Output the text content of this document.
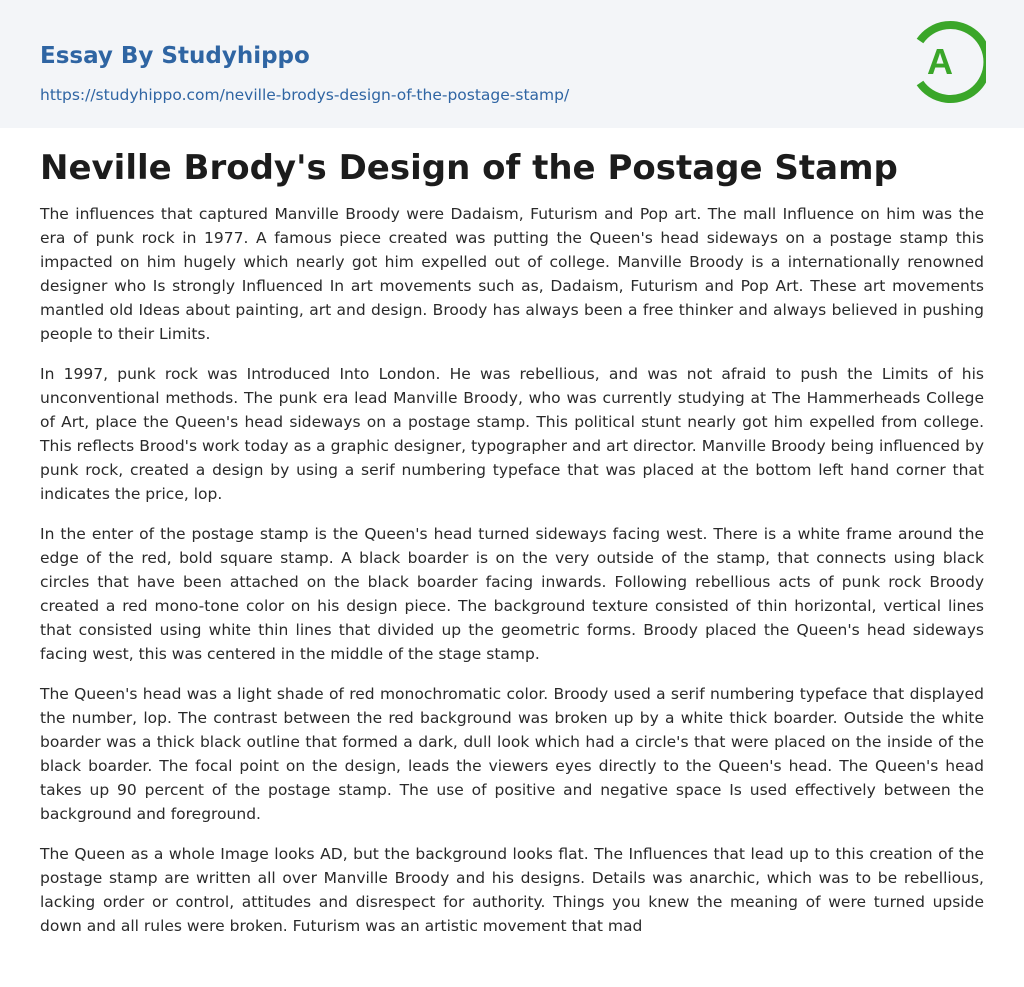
Essay By Studyhippo
https://studyhippo.com/neville-brodys-design-of-the-postage-stamp/
A
Neville Brody's Design of the Postage Stamp

The influences that captured Manville Broody were Dadaism, Futurism and Pop art. The mall Influence on him was the era of punk rock in 1977. A famous piece created was putting the Queen's head sideways on a postage stamp this impacted on him hugely which nearly got him expelled out of college. Manville Broody is a internationally renowned designer who Is strongly Influenced In art movements such as, Dadaism, Futurism and Pop Art. These art movements mantled old Ideas about painting, art and design. Broody has always been a free thinker and always believed in pushing people to their Limits.

In 1997, punk rock was Introduced Into London. He was rebellious, and was not afraid to push the Limits of his unconventional methods. The punk era lead Manville Broody, who was currently studying at The Hammerheads College of Art, place the Queen's head sideways on a postage stamp. This political stunt nearly got him expelled from college. This reflects Brood's work today as a graphic designer, typographer and art director. Manville Broody being influenced by punk rock, created a design by using a serif numbering typeface that was placed at the bottom left hand corner that indicates the price, lop.

In the enter of the postage stamp is the Queen's head turned sideways facing west. There is a white frame around the edge of the red, bold square stamp. A black boarder is on the very outside of the stamp, that connects using black circles that have been attached on the black boarder facing inwards. Following rebellious acts of punk rock Broody created a red mono-tone color on his design piece. The background texture consisted of thin horizontal, vertical lines that consisted using white thin lines that divided up the geometric forms. Broody placed the Queen's head sideways facing west, this was centered in the middle of the stage stamp.

The Queen's head was a light shade of red monochromatic color. Broody used a serif numbering typeface that displayed the number, lop. The contrast between the red background was broken up by a white thick boarder. Outside the white boarder was a thick black outline that formed a dark, dull look which had a circle's that were placed on the inside of the black boarder. The focal point on the design, leads the viewers eyes directly to the Queen's head. The Queen's head takes up 90 percent of the postage stamp. The use of positive and negative space Is used effectively between the background and foreground.

The Queen as a whole Image looks AD, but the background looks flat. The Influences that lead up to this creation of the postage stamp are written all over Manville Broody and his designs. Details was anarchic, which was to be rebellious, lacking order or control, attitudes and disrespect for authority. Things you knew the meaning of were turned upside down and all rules were broken. Futurism was an artistic movement that mad
